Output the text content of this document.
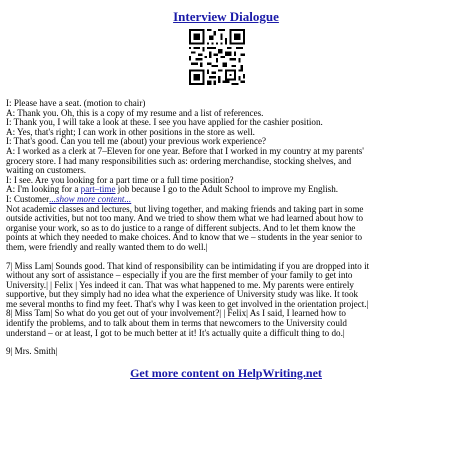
Interview Dialogue

I: Please have a seat. (motion to chair)

A: Thank you. Oh, this is a copy of my resume and a list of references.

I: Thank you, I will take a look at these. I see you have applied for the cashier position.

A: Yes, that's right; I can work in other positions in the store as well.

I: That's good. Can you tell me (about) your previous work experience?

A: I worked as a clerk at 7–Eleven for one year. Before that I worked in my country at my parents'

grocery store. I had many responsibilities such as: ordering merchandise, stocking shelves, and

waiting on customers.

I: I see. Are you looking for a part time or a full time position?

A: I'm looking for a part–time job because I go to the Adult School to improve my English.

I: Customer...show more content...

Not academic classes and lectures, but living together, and making friends and taking part in some

outside activities, but not too many. And we tried to show them what we had learned about how to

organise your work, so as to do justice to a range of different subjects. And to let them know the

points at which they needed to make choices. And to know that we – students in the year senior to

them, were friendly and really wanted them to do well.|

7| Miss Lam| Sounds good. That kind of responsibility can be intimidating if you are dropped into it

without any sort of assistance – especially if you are the first member of your family to get into

University.| | Felix | Yes indeed it can. That was what happened to me. My parents were entirely

supportive, but they simply had no idea what the experience of University study was like. It took

me several months to find my feet. That's why I was keen to get involved in the orientation project.|

8| Miss Tam| So what do you get out of your involvement?| | Felix| As I said, I learned how to

identify the problems, and to talk about them in terms that newcomers to the University could

understand – or at least, I got to be much better at it! It's actually quite a difficult thing to do.|

9| Mrs. Smith|

Get more content on HelpWriting.net
